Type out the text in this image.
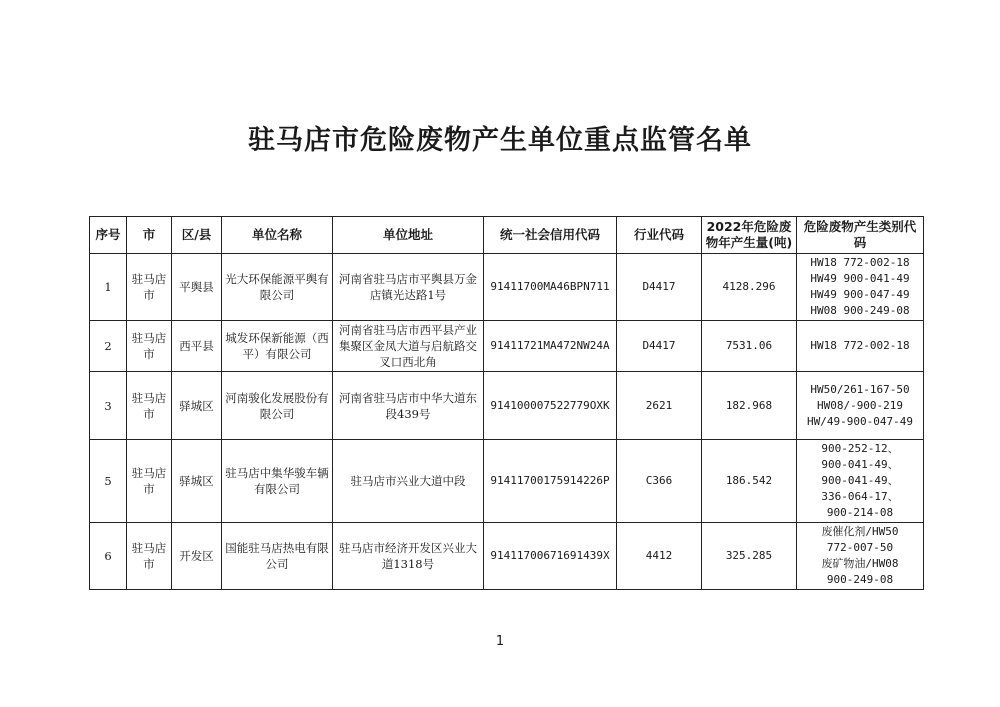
驻马店市危险废物产生单位重点监管名单
序号	市	区/县	单位名称	单位地址	统一社会信用代码	行业代码	2022年危险废物年产生量(吨)	危险废物产生类别代码
1	驻马店市	平舆县	光大环保能源平舆有限公司	河南省驻马店市平舆县万金店镇光达路1号	91411700MA46BPN711	D4417	4128.296	HW18 772-002-18
HW49 900-041-49
HW49 900-047-49
HW08 900-249-08

2	驻马店市	西平县	城发环保新能源（西平）有限公司	河南省驻马店市西平县产业集聚区金凤大道与启航路交叉口西北角	91411721MA472NW24A	D4417	7531.06	HW18 772-002-18

3	驻马店市	驿城区	河南骏化发展股份有限公司	河南省驻马店市中华大道东段439号	914100007522779OXK	2621	182.968	HW50/261-167-50
HW08/-900-219
HW/49-900-047-49

5	驻马店市	驿城区	驻马店中集华骏车辆有限公司	驻马店市兴业大道中段	91411700175914226P	C366	186.542	900-252-12、
900-041-49、
900-041-49、
336-064-17、
900-214-08

6	驻马店市	开发区	国能驻马店热电有限公司	驻马店市经济开发区兴业大道1318号	91411700671691439X	4412	325.285	废催化剂/HW50
772-007-50
废矿物油/HW08
900-249-08
1
